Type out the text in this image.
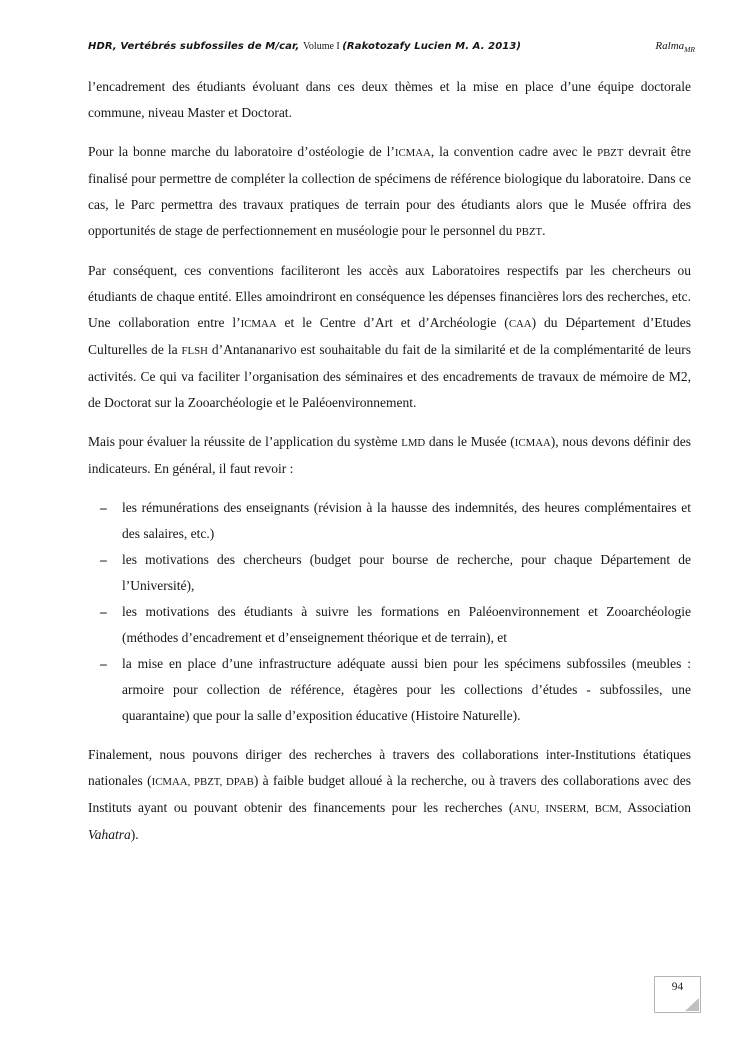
HDR, Vertébrés subfossiles de M/car, Volume I (Rakotozafy Lucien M. A. 2013)	Ralma$_{MR}$

l’encadrement des étudiants évoluant dans ces deux thèmes et la mise en place d’une équipe doctorale commune, niveau Master et Doctorat.

Pour la bonne marche du laboratoire d’ostéologie de l’ICMAA, la convention cadre avec le PBZT devrait être finalisé pour permettre de compléter la collection de spécimens de référence biologique du laboratoire. Dans ce cas, le Parc permettra des travaux pratiques de terrain pour des étudiants alors que le Musée offrira des opportunités de stage de perfectionnement en muséologie pour le personnel du PBZT.

Par conséquent, ces conventions faciliteront les accès aux Laboratoires respectifs par les chercheurs ou étudiants de chaque entité. Elles amoindriront en conséquence les dépenses financières lors des recherches, etc. Une collaboration entre l’ICMAA et le Centre d’Art et d’Archéologie (CAA) du Département d’Etudes Culturelles de la FLSH d’Antananarivo est souhaitable du fait de la similarité et de la complémentarité de leurs activités. Ce qui va faciliter l’organisation des séminaires et des encadrements de travaux de mémoire de M2, de Doctorat sur la Zooarchéologie et le Paléoenvironnement.

Mais pour évaluer la réussite de l’application du système LMD dans le Musée (ICMAA), nous devons définir des indicateurs. En général, il faut revoir :

– les rémunérations des enseignants (révision à la hausse des indemnités, des heures complémentaires et des salaires, etc.)
– les motivations des chercheurs (budget pour bourse de recherche, pour chaque Département de l’Université),
– les motivations des étudiants à suivre les formations en Paléoenvironnement et Zooarchéologie (méthodes d’encadrement et d’enseignement théorique et de terrain), et
– la mise en place d’une infrastructure adéquate aussi bien pour les spécimens subfossiles (meubles : armoire pour collection de référence, étagères pour les collections d’études - subfossiles, une quarantaine) que pour la salle d’exposition éducative (Histoire Naturelle).

Finalement, nous pouvons diriger des recherches à travers des collaborations inter-Institutions étatiques nationales (ICMAA, PBZT, DPAB) à faible budget alloué à la recherche, ou à travers des collaborations avec des Instituts ayant ou pouvant obtenir des financements pour les recherches (ANU, INSERM, BCM, Association Vahatra).

94
